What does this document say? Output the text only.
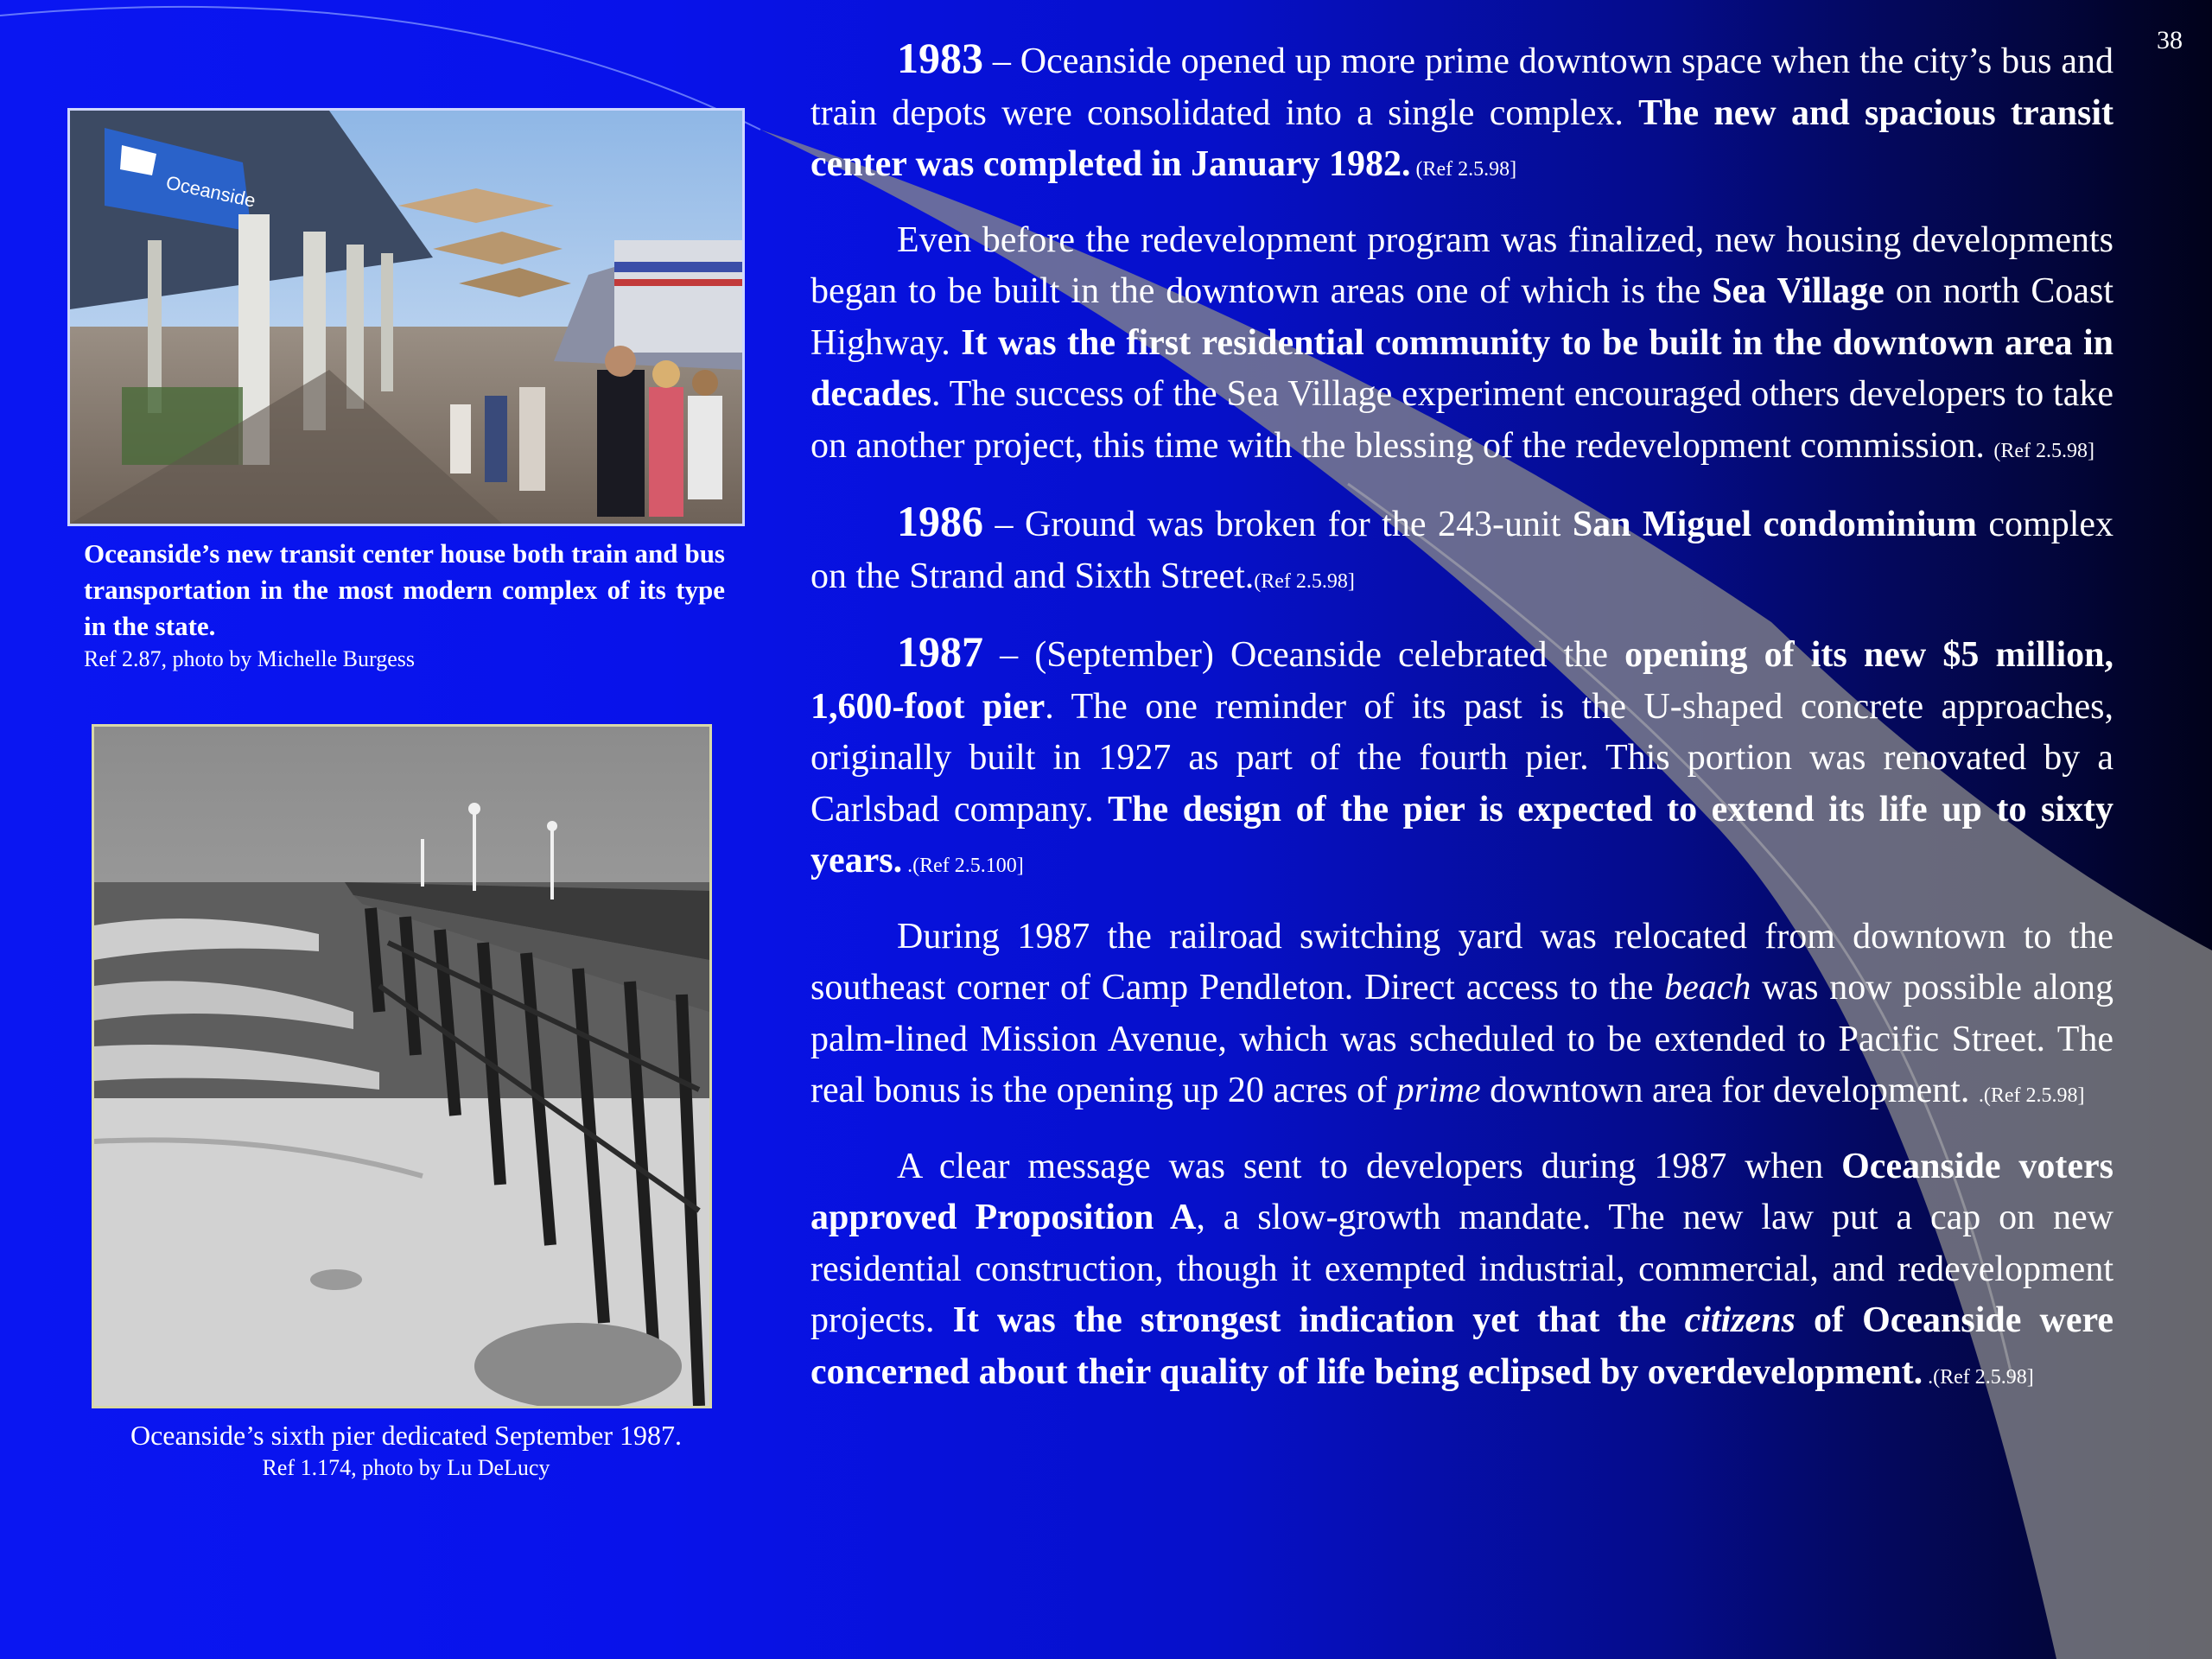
38
Oceanside
Oceanside’s new transit center house both train and bus transportation in the most modern complex of its type in the state.
Ref 2.87, photo by Michelle Burgess
Oceanside’s sixth pier dedicated September 1987.
Ref 1.174, photo by Lu DeLucy

1983 – Oceanside opened up more prime downtown space when the city’s bus and train depots were consolidated into a single complex. The new and spacious transit center was completed in January 1982. (Ref 2.5.98]

Even before the redevelopment program was finalized, new housing developments began to be built in the downtown areas one of which is the Sea Village on north Coast Highway. It was the first residential community to be built in the downtown area in decades. The success of the Sea Village experiment encouraged others developers to take on another project, this time with the blessing of the redevelopment commission. (Ref 2.5.98]

1986 – Ground was broken for the 243-unit San Miguel condominium complex on the Strand and Sixth Street.(Ref 2.5.98]

1987 – (September) Oceanside celebrated the opening of its new $5 million, 1,600-foot pier. The one reminder of its past is the U-shaped concrete approaches, originally built in 1927 as part of the fourth pier. This portion was renovated by a Carlsbad company. The design of the pier is expected to extend its life up to sixty years. .(Ref 2.5.100]

During 1987 the railroad switching yard was relocated from downtown to the southeast corner of Camp Pendleton. Direct access to the beach was now possible along palm-lined Mission Avenue, which was scheduled to be extended to Pacific Street. The real bonus is the opening up 20 acres of prime downtown area for development. .(Ref 2.5.98]

A clear message was sent to developers during 1987 when Oceanside voters approved Proposition A, a slow-growth mandate. The new law put a cap on new residential construction, though it exempted industrial, commercial, and redevelopment projects. It was the strongest indication yet that the citizens of Oceanside were concerned about their quality of life being eclipsed by overdevelopment. .(Ref 2.5.98]
